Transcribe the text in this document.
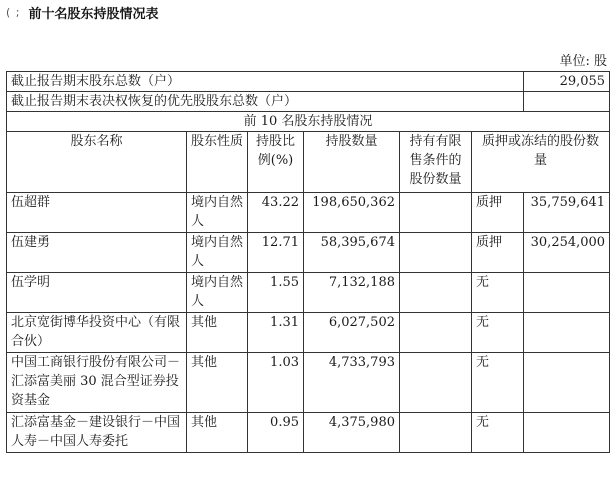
( ; 前十名股东持股情况表
单位: 股
截止报告期末股东总数（户）						29,055
截止报告期末表决权恢复的优先股股东总数（户）						
前 10 名股东持股情况						
股东名称	股东性质	持股比例(%)	持股数量	持有有限售条件的股份数量	质押或冻结的股份数量	
伍超群	境内自然人	43.22	198,650,362		质押	35,759,641
伍建勇	境内自然人	12.71	58,395,674		质押	30,254,000
伍学明	境内自然人	1.55	7,132,188		无	
北京宽街博华投资中心（有限合伙）	其他	1.31	6,027,502		无	
中国工商银行股份有限公司－汇添富美丽 30 混合型证券投资基金	其他	1.03	4,733,793		无	
汇添富基金－建设银行－中国人寿－中国人寿委托	其他	0.95	4,375,980		无	
